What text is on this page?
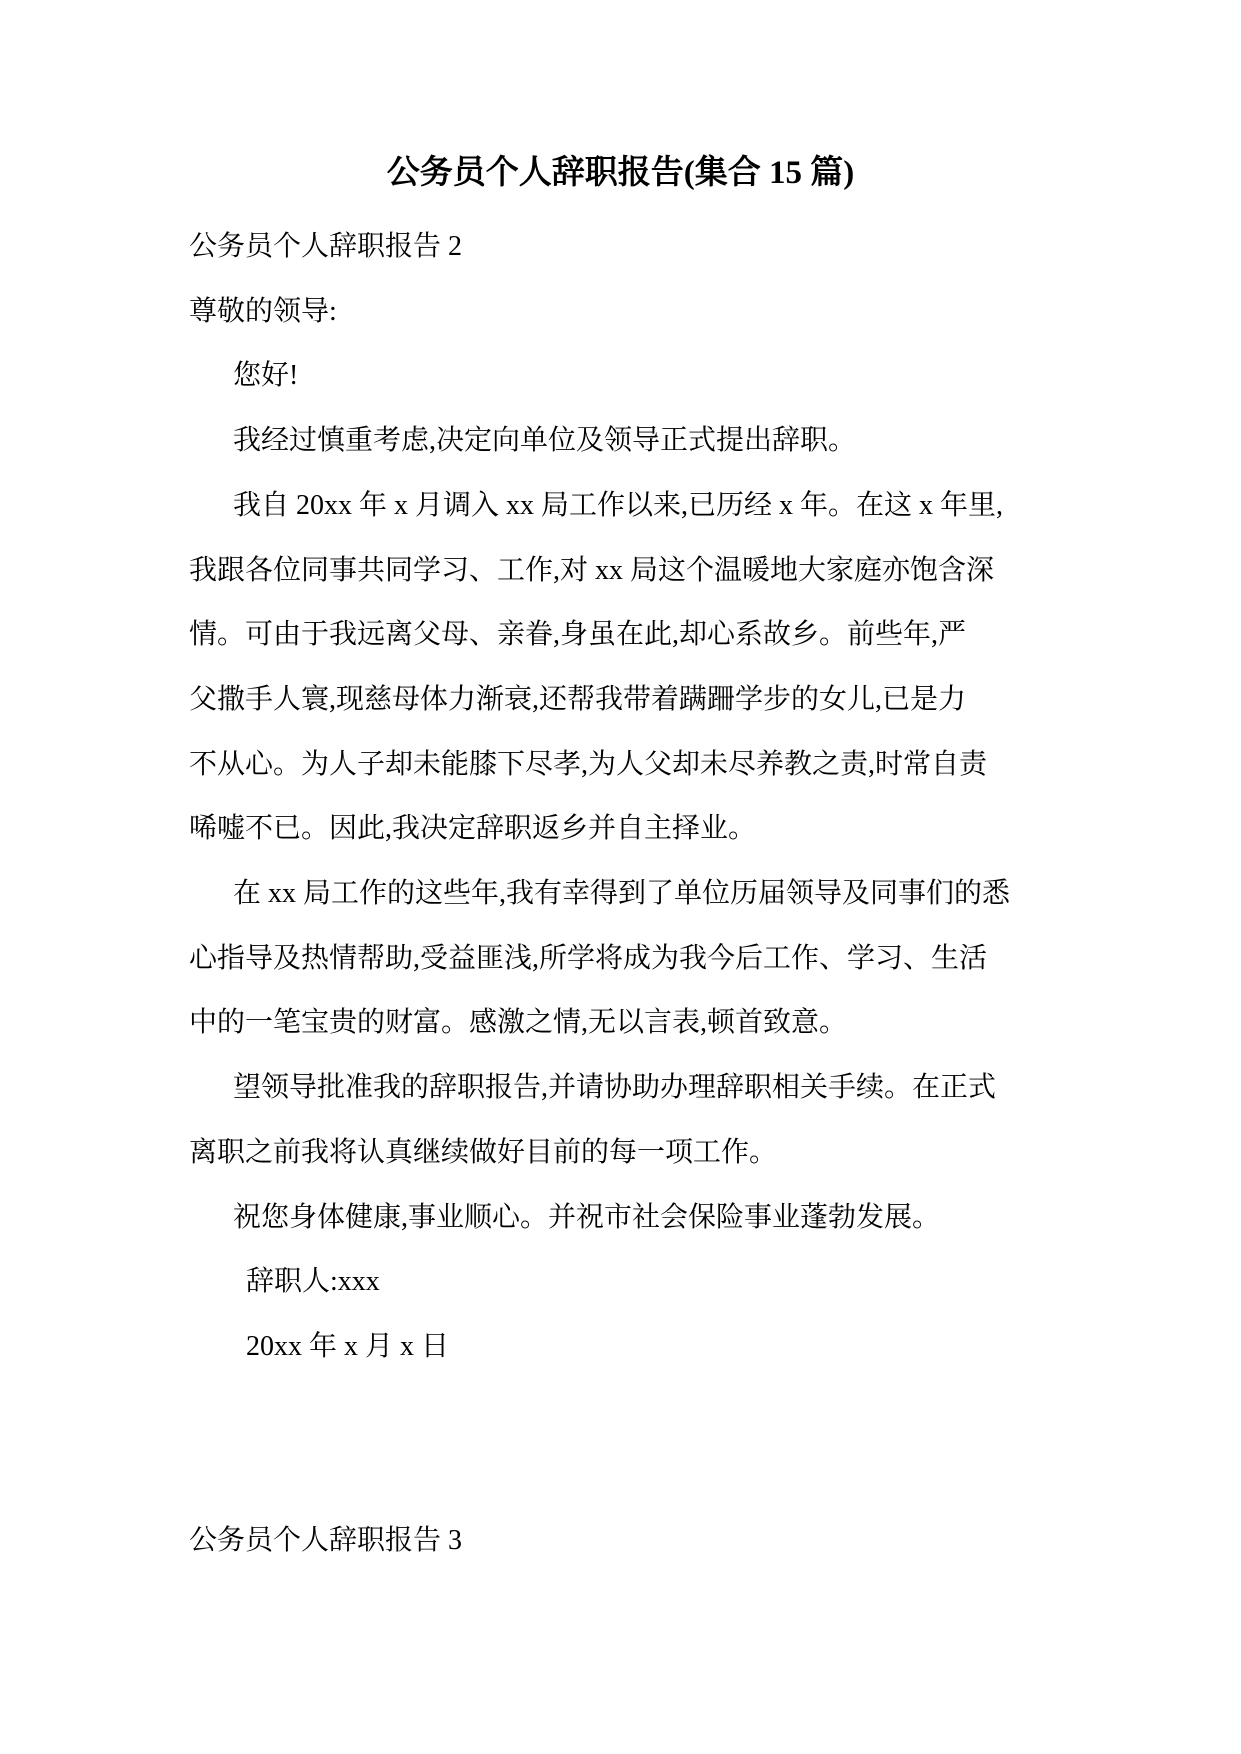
公务员个人辞职报告(集合 15 篇)
公务员个人辞职报告 2
尊敬的领导:
您好!
我经过慎重考虑,决定向单位及领导正式提出辞职。
我自 20xx 年 x 月调入 xx 局工作以来,已历经 x 年。在这 x 年里,
我跟各位同事共同学习、工作,对 xx 局这个温暖地大家庭亦饱含深
情。可由于我远离父母、亲眷,身虽在此,却心系故乡。前些年,严
父撒手人寰,现慈母体力渐衰,还帮我带着蹒跚学步的女儿,已是力
不从心。为人子却未能膝下尽孝,为人父却未尽养教之责,时常自责
唏嘘不已。因此,我决定辞职返乡并自主择业。
在 xx 局工作的这些年,我有幸得到了单位历届领导及同事们的悉
心指导及热情帮助,受益匪浅,所学将成为我今后工作、学习、生活
中的一笔宝贵的财富。感激之情,无以言表,顿首致意。
望领导批准我的辞职报告,并请协助办理辞职相关手续。在正式
离职之前我将认真继续做好目前的每一项工作。
祝您身体健康,事业顺心。并祝市社会保险事业蓬勃发展。
辞职人:xxx
20xx 年 x 月 x 日

公务员个人辞职报告 3
